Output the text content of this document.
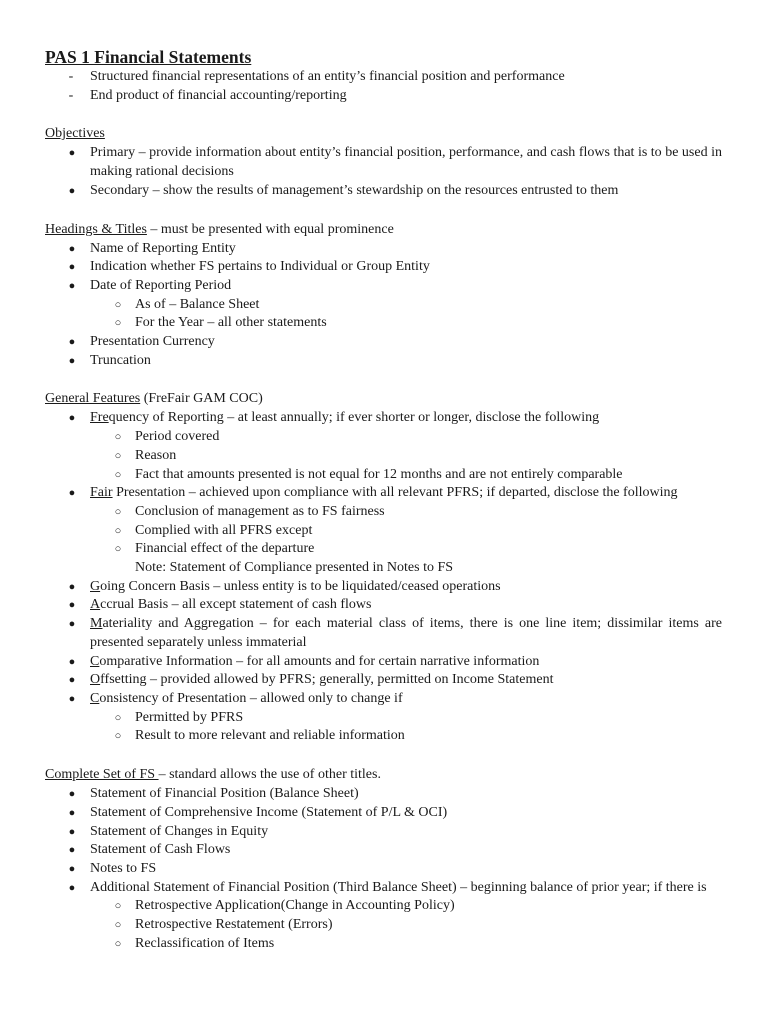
PAS 1 Financial Statements
- Structured financial representations of an entity’s financial position and performance
- End product of financial accounting/reporting
Objectives
● Primary – provide information about entity’s financial position, performance, and cash flows that is to be used in making rational decisions
● Secondary – show the results of management’s stewardship on the resources entrusted to them
Headings & Titles – must be presented with equal prominence
● Name of Reporting Entity
● Indication whether FS pertains to Individual or Group Entity
● Date of Reporting Period
○ As of – Balance Sheet
○ For the Year – all other statements
● Presentation Currency
● Truncation
General Features (FreFair GAM COC)
● Frequency of Reporting – at least annually; if ever shorter or longer, disclose the following
○ Period covered
○ Reason
○ Fact that amounts presented is not equal for 12 months and are not entirely comparable
● Fair Presentation – achieved upon compliance with all relevant PFRS; if departed, disclose the following
○ Conclusion of management as to FS fairness
○ Complied with all PFRS except
○ Financial effect of the departure
Note: Statement of Compliance presented in Notes to FS
● Going Concern Basis – unless entity is to be liquidated/ceased operations
● Accrual Basis – all except statement of cash flows
● Materiality and Aggregation – for each material class of items, there is one line item; dissimilar items are presented separately unless immaterial
● Comparative Information – for all amounts and for certain narrative information
● Offsetting – provided allowed by PFRS; generally, permitted on Income Statement
● Consistency of Presentation – allowed only to change if
○ Permitted by PFRS
○ Result to more relevant and reliable information
Complete Set of FS – standard allows the use of other titles.
● Statement of Financial Position (Balance Sheet)
● Statement of Comprehensive Income (Statement of P/L & OCI)
● Statement of Changes in Equity
● Statement of Cash Flows
● Notes to FS
● Additional Statement of Financial Position (Third Balance Sheet) – beginning balance of prior year; if there is
○ Retrospective Application(Change in Accounting Policy)
○ Retrospective Restatement (Errors)
○ Reclassification of Items
